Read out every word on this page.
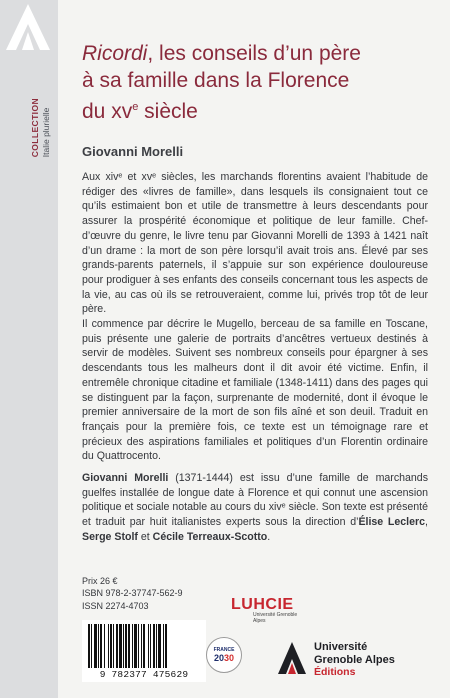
COLLECTION Italie plurielle
Ricordi, les conseils d’un père
à sa famille dans la Florence
du $xv^e$ siècle
Giovanni Morelli

Aux xivᵉ et xvᵉ siècles, les marchands florentins avaient l’habitude de rédiger des «livres de famille», dans lesquels ils consignaient tout ce qu’ils estimaient bon et utile de transmettre à leurs descendants pour assurer la prospérité économique et politique de leur famille. Chef-d’œuvre du genre, le livre tenu par Giovanni Morelli de 1393 à 1421 naît d’un drame : la mort de son père lorsqu’il avait trois ans. Élevé par ses grands-parents paternels, il s’appuie sur son expérience douloureuse pour prodiguer à ses enfants des conseils concernant tous les aspects de la vie, au cas où ils se retrouveraient, comme lui, privés trop tôt de leur père.

Il commence par décrire le Mugello, berceau de sa famille en Toscane, puis présente une galerie de portraits d’ancêtres vertueux destinés à servir de modèles. Suivent ses nombreux conseils pour épargner à ses descendants tous les malheurs dont il dit avoir été victime. Enfin, il entremêle chronique citadine et familiale (1348-1411) dans des pages qui se distinguent par la façon, surprenante de modernité, dont il évoque le premier anniversaire de la mort de son fils aîné et son deuil. Traduit en français pour la première fois, ce texte est un témoignage rare et précieux des aspirations familiales et politiques d’un Florentin ordinaire du Quattrocento.

Giovanni Morelli (1371-1444) est issu d’une famille de marchands guelfes installée de longue date à Florence et qui connut une ascension politique et sociale notable au cours du xivᵉ siècle. Son texte est présenté et traduit par huit italianistes experts sous la direction d’Élise Leclerc, Serge Stolf et Cécile Terreaux-Scotto.
Prix 26 €
ISBN 978-2-37747-562-9
ISSN 2274-4703
9 782377 475629
LUHCIE
Université Grenoble Alpes
FRANCE
2030
Université
Grenoble Alpes
Éditions
